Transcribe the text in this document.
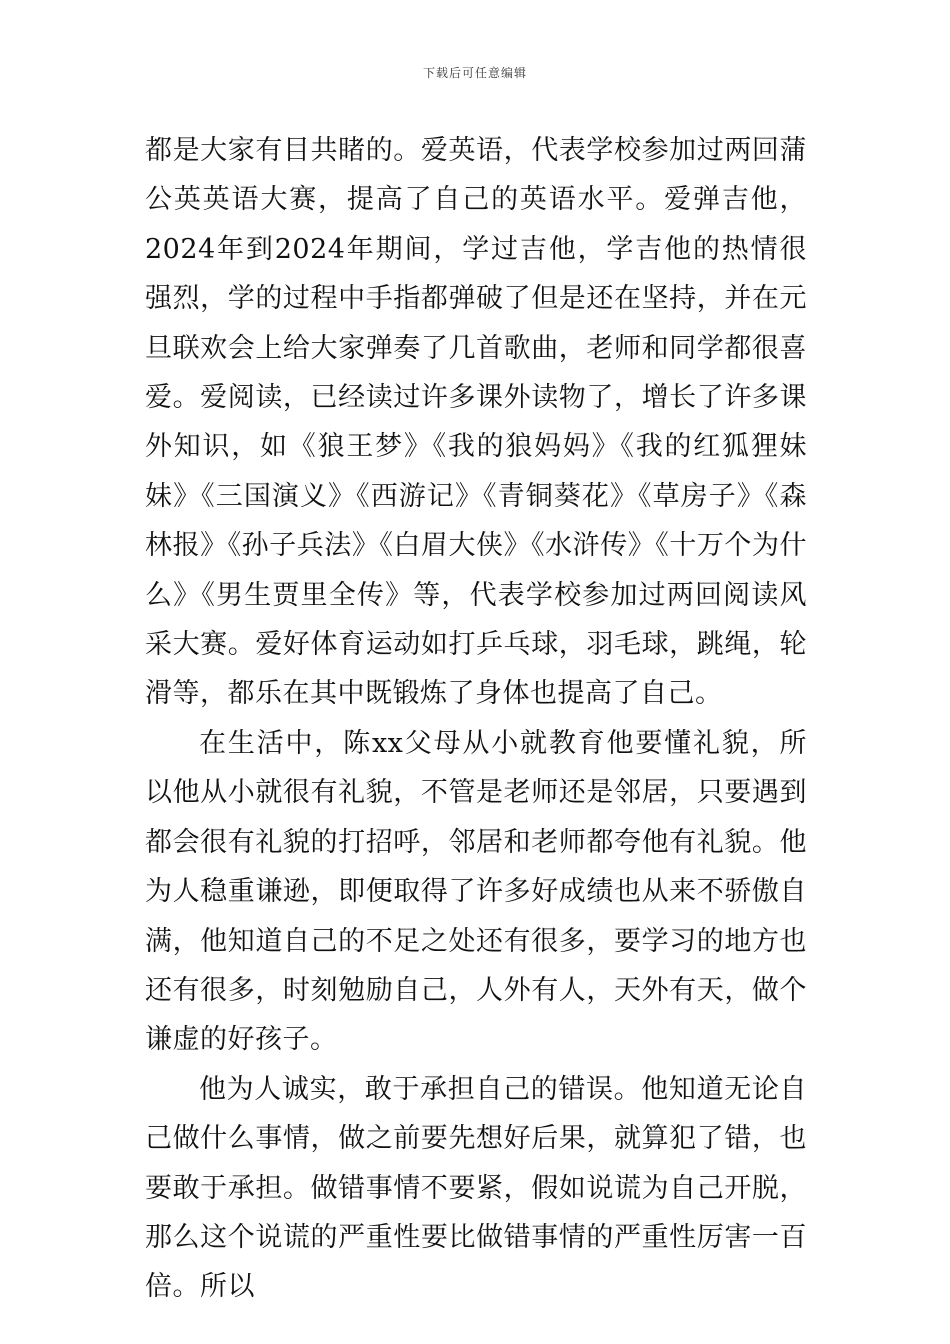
下载后可任意编辑

都是大家有目共睹的。爱英语，代表学校参加过两回蒲公英英语大赛，提高了自己的英语水平。爱弹吉他，2024年到2024年期间，学过吉他，学吉他的热情很强烈，学的过程中手指都弹破了但是还在坚持，并在元旦联欢会上给大家弹奏了几首歌曲，老师和同学都很喜爱。爱阅读，已经读过许多课外读物了，增长了许多课外知识，如《狼王梦》《我的狼妈妈》《我的红狐狸妹妹》《三国演义》《西游记》《青铜葵花》《草房子》《森林报》《孙子兵法》《白眉大侠》《水浒传》《十万个为什么》《男生贾里全传》等，代表学校参加过两回阅读风采大赛。爱好体育运动如打乒乓球，羽毛球，跳绳，轮滑等，都乐在其中既锻炼了身体也提高了自己。

在生活中，陈xx父母从小就教育他要懂礼貌，所以他从小就很有礼貌，不管是老师还是邻居，只要遇到都会很有礼貌的打招呼，邻居和老师都夸他有礼貌。他为人稳重谦逊，即便取得了许多好成绩也从来不骄傲自满，他知道自己的不足之处还有很多，要学习的地方也还有很多，时刻勉励自己，人外有人，天外有天，做个谦虚的好孩子。

他为人诚实，敢于承担自己的错误。他知道无论自己做什么事情，做之前要先想好后果，就算犯了错，也要敢于承担。做错事情不要紧，假如说谎为自己开脱，那么这个说谎的严重性要比做错事情的严重性厉害一百倍。所以
